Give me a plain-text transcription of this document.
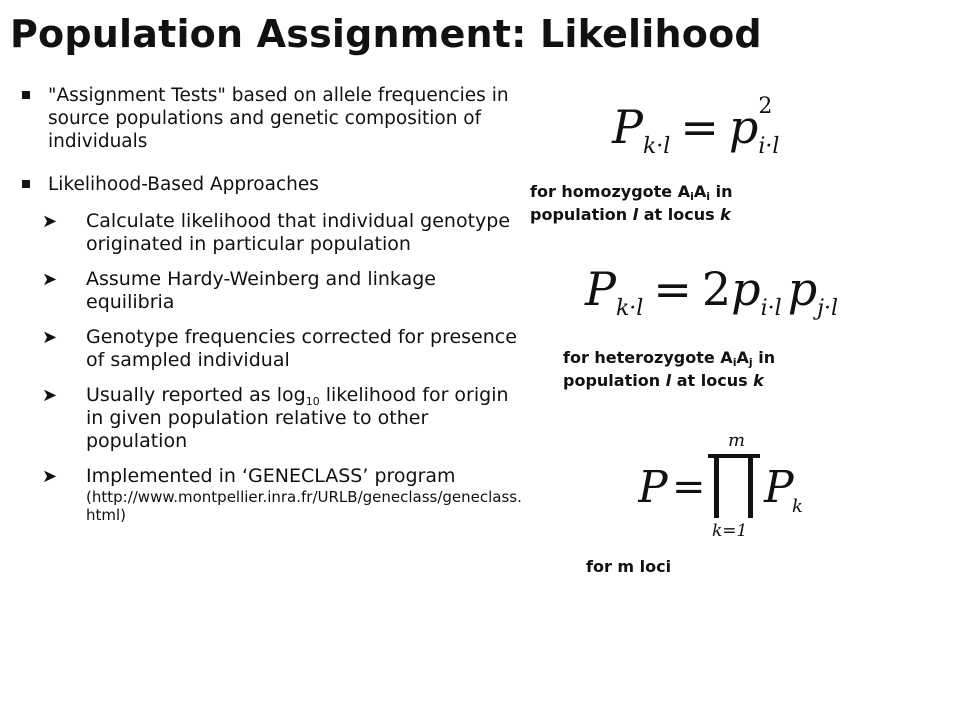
Population Assignment: Likelihood
"Assignment Tests" based on allele frequencies in source populations and genetic composition of individuals
Likelihood-Based Approaches
➤ Calculate likelihood that individual genotype originated in particular population
➤ Assume Hardy-Weinberg and linkage equilibria
➤ Genotype frequencies corrected for presence of sampled individual
➤ Usually reported as $\log_{10}$ likelihood for origin in given population relative to other population
➤ Implemented in ‘GENECLASS’ program
(http://www.montpellier.inra.fr/URLB/geneclass/geneclass.html)
$P_{k\cdot l} = p$ 2
$_{i\cdot l}$
for homozygote $A_iA_i$ in
population l at locus k
$P_{k\cdot l} = 2p_{i\cdot l}$ $p_{j\cdot l}$
for heterozygote $A_iA_j$ in
population l at locus k
P =
m
k=1
P
k
for m loci
